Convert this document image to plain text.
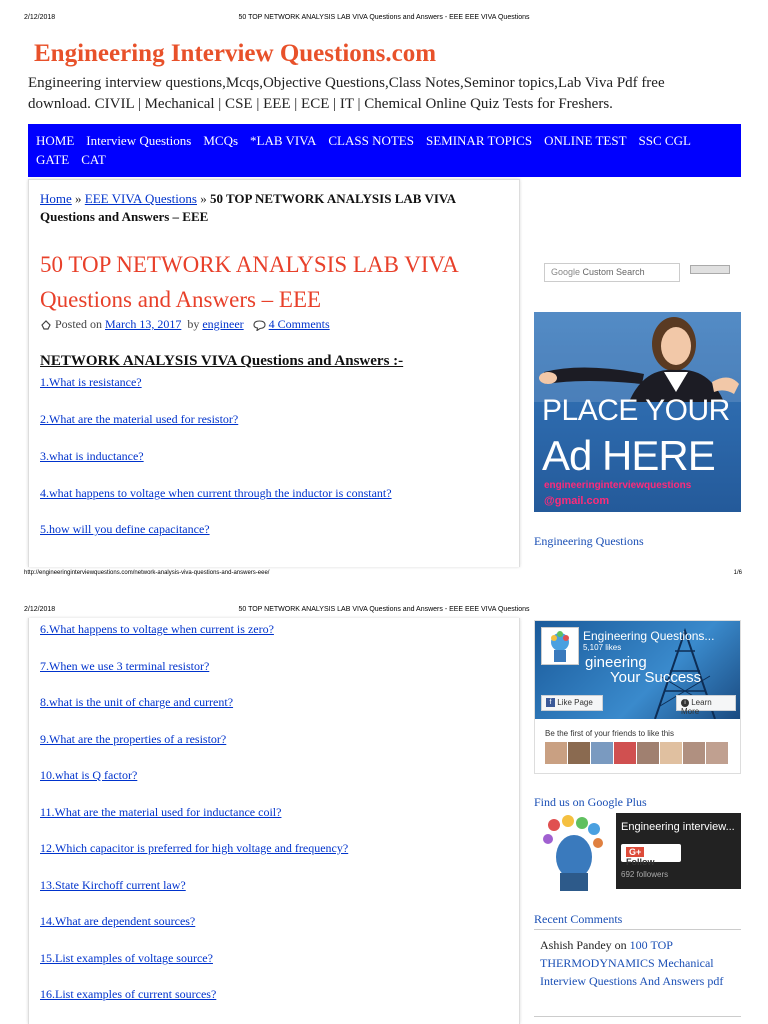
2/12/2018	50 TOP NETWORK ANALYSIS LAB VIVA Questions and Answers - EEE EEE VIVA Questions
Engineering Interview Questions.com
Engineering interview questions,Mcqs,Objective Questions,Class Notes,Seminor topics,Lab Viva Pdf free download. CIVIL | Mechanical | CSE | EEE | ECE | IT | Chemical Online Quiz Tests for Freshers.
HOME Interview Questions MCQs *LAB VIVA CLASS NOTES SEMINAR TOPICS ONLINE TEST SSC CGL GATE CAT
Home » EEE VIVA Questions » 50 TOP NETWORK ANALYSIS LAB VIVA Questions and Answers – EEE
50 TOP NETWORK ANALYSIS LAB VIVA Questions and Answers – EEE
Posted on March 13, 2017 by engineer 4 Comments
NETWORK ANALYSIS VIVA Questions and Answers :-
1.What is resistance?
2.What are the material used for resistor?
3.what is inductance?
4.what happens to voltage when current through the inductor is constant?
5.how will you define capacitance?
Google Custom Search
PLACE YOUR
Ad HERE
engineeringinterviewquestions
@gmail.com
Engineering Questions
http://engineeringinterviewquestions.com/network-analysis-viva-questions-and-answers-eee/	1/6
2/12/2018	50 TOP NETWORK ANALYSIS LAB VIVA Questions and Answers - EEE EEE VIVA Questions
6.What happens to voltage when current is zero?
7.When we use 3 terminal resistor?
8.what is the unit of charge and current?
9.What are the properties of a resistor?
10.what is Q factor?
11.What are the material used for inductance coil?
12.Which capacitor is preferred for high voltage and frequency?
13.State Kirchoff current law?
14.What are dependent sources?
15.List examples of voltage source?
16.List examples of current sources?
Engineering Questions...
5,107 likes
gineering
Your Success
f Like Page	i Learn More
Be the first of your friends to like this
Find us on Google Plus
Engineering interview...
G+Follow
692 followers
Recent Comments
Ashish Pandey on 100 TOP THERMODYNAMICS Mechanical Interview Questions And Answers pdf
